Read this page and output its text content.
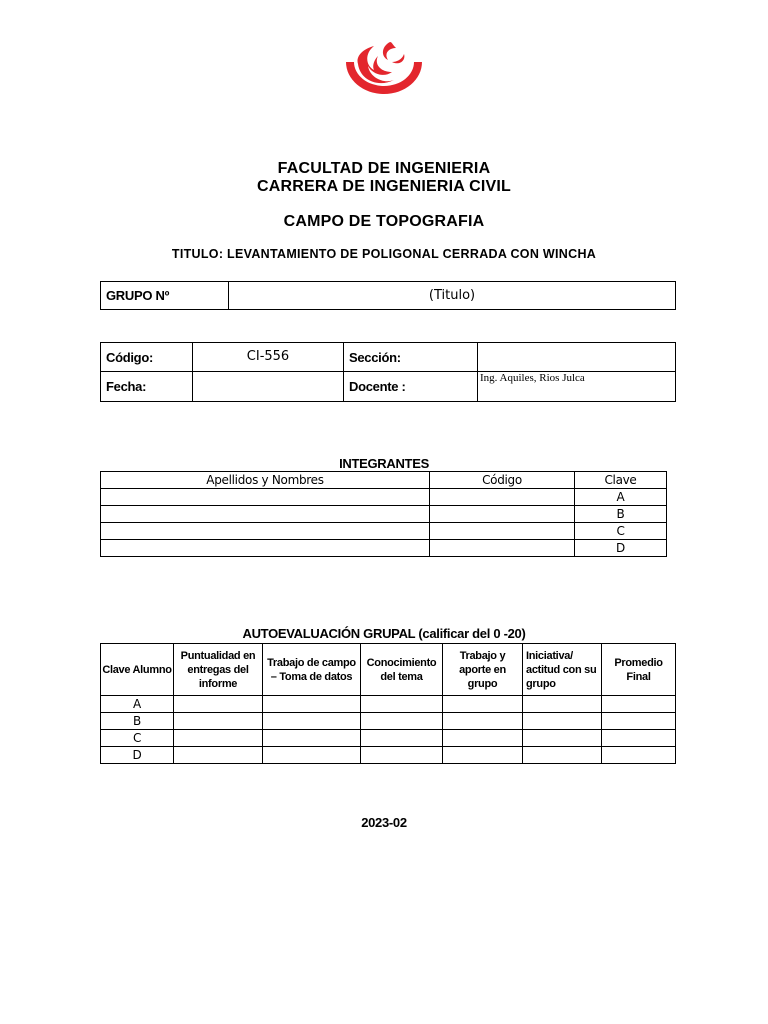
FACULTAD DE INGENIERIA
CARRERA DE INGENIERIA CIVIL
CAMPO DE TOPOGRAFIA
TITULO: LEVANTAMIENTO DE POLIGONAL CERRADA CON WINCHA
GRUPO Nº	(Titulo)
Código:	CI-556	Sección:	
Fecha:		Docente :	Ing. Aquiles, Rios Julca
INTEGRANTES
Apellidos y Nombres	Código	Clave
		A
		B
		C
		D
AUTOEVALUACIÓN GRUPAL (calificar del 0 -20)
Clave Alumno	Puntualidad en entregas del informe	Trabajo de campo – Toma de datos	Conocimiento del tema	Trabajo y aporte en grupo	Iniciativa/ actitud con su grupo	Promedio Final
A						
B						
C						
D						
2023-02
